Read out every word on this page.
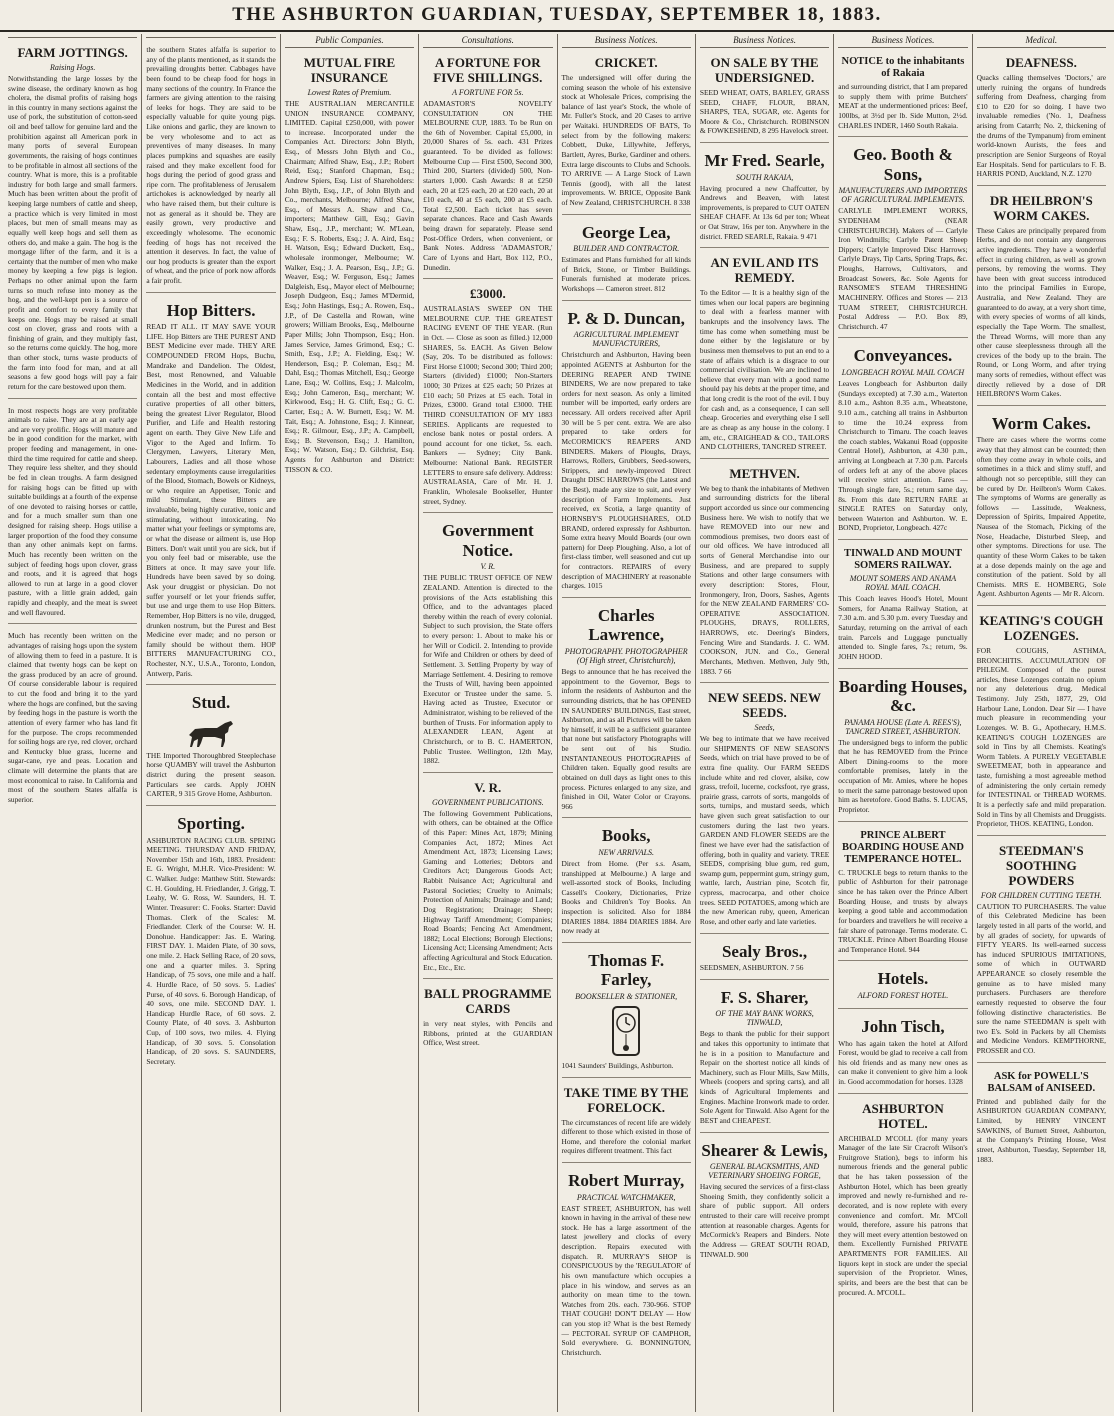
THE ASHBURTON GUARDIAN, TUESDAY, SEPTEMBER 18, 1883.
FARM JOTTINGS.
Raising Hogs.
Notwithstanding the large losses by the swine disease, the ordinary known as hog cholera, the dismal profits of raising hogs in this country in many sections against the use of pork, the substitution of cotton-seed oil and beef tallow for genuine lard and the prohibition against all American pork in many ports of several European governments, the raising of hogs continues to be profitable in almost all sections of the country. What is more, this is a profitable industry for both large and small farmers. Much has been written about the profit of keeping large numbers of cattle and sheep, a practice which is very limited in most places, but men of small means may as equally well keep hogs and sell them as others do, and make a gain. The hog is the mortgage lifter of the farm, and it is a certainty that the number of men who make money by keeping a few pigs is legion. Perhaps no other animal upon the farm turns so much refuse into money as the hog, and the well-kept pen is a source of profit and comfort to every family that keeps one. Hogs may be raised at small cost on clover, grass and roots with a finishing of grain, and they multiply fast, so the returns come quickly. The hog, more than other stock, turns waste products of the farm into food for man, and at all seasons a few good hogs will pay a fair return for the care bestowed upon them.
In most respects hogs are very profitable animals to raise. They are at an early age and are very prolific. Hogs will mature and be in good condition for the market, with proper feeding and management, in one-third the time required for cattle and sheep. They require less shelter, and they should be fed in clean troughs. A farm designed for raising hogs can be fitted up with suitable buildings at a fourth of the expense of one devoted to raising horses or cattle, and for a much smaller sum than one designed for raising sheep. Hogs utilise a larger proportion of the food they consume than any other animals kept on farms. Much has recently been written on the subject of feeding hogs upon clover, grass and roots, and it is agreed that hogs allowed to run at large in a good clover pasture, with a little grain added, gain rapidly and cheaply, and the meat is sweet and well flavoured.
Much has recently been written on the advantages of raising hogs upon the system of allowing them to feed in a pasture. It is claimed that twenty hogs can be kept on the grass produced by an acre of ground. Of course considerable labour is required to cut the food and bring it to the yard where the hogs are confined, but the saving by feeding hogs in the pasture is worth the attention of every farmer who has land fit for the purpose. The crops recommended for soiling hogs are rye, red clover, orchard and Kentucky blue grass, lucerne and sugar-cane, rye and peas. Location and climate will determine the plants that are most economical to raise. In California and most of the southern States alfalfa is superior.
the southern States alfalfa is superior to any of the plants mentioned, as it stands the prevailing droughts better. Cabbages have been found to be cheap food for hogs in many sections of the country. In France the farmers are giving attention to the raising of leeks for hogs. They are said to be especially valuable for quite young pigs. Like onions and garlic, they are known to be very wholesome and to act as preventives of many diseases. In many places pumpkins and squashes are easily raised and they make excellent food for hogs during the period of good grass and ripe corn. The profitableness of Jerusalem artichokes is acknowledged by nearly all who have raised them, but their culture is not as general as it should be. They are easily grown, very productive and exceedingly wholesome. The economic feeding of hogs has not received the attention it deserves. In fact, the value of our hog products is greater than the export of wheat, and the price of pork now affords a fair profit.
Hop Bitters.
READ IT ALL. IT MAY SAVE YOUR LIFE. Hop Bitters are THE PUREST AND BEST Medicine ever made. THEY ARE COMPOUNDED FROM Hops, Buchu, Mandrake and Dandelion. The Oldest, Best, most Renowned, and Valuable Medicines in the World, and in addition contain all the best and most effective curative properties of all other bitters, being the greatest Liver Regulator, Blood Purifier, and Life and Health restoring agent on earth. They Give New Life and Vigor to the Aged and Infirm. To Clergymen, Lawyers, Literary Men, Labourers, Ladies and all those whose sedentary employments cause irregularities of the Blood, Stomach, Bowels or Kidneys, or who require an Appetiser, Tonic and mild Stimulant, these Bitters are invaluable, being highly curative, tonic and stimulating, without intoxicating. No matter what your feelings or symptoms are, or what the disease or ailment is, use Hop Bitters. Don't wait until you are sick, but if you only feel bad or miserable, use the Bitters at once. It may save your life. Hundreds have been saved by so doing. Ask your druggist or physician. Do not suffer yourself or let your friends suffer, but use and urge them to use Hop Bitters. Remember, Hop Bitters is no vile, drugged, drunken nostrum, but the Purest and Best Medicine ever made; and no person or family should be without them. HOP BITTERS MANUFACTURING CO., Rochester, N.Y., U.S.A., Toronto, London, Antwerp, Paris.
Stud.
THE Imported Thoroughbred Steeplechase horse QUAMBY will travel the Ashburton district during the present season. Particulars see cards. Apply JOHN CARTER, 9 315 Grove Home, Ashburton.
Sporting.
ASHBURTON RACING CLUB. SPRING MEETING. THURSDAY AND FRIDAY, November 15th and 16th, 1883. President: E. G. Wright, M.H.R. Vice-President: W. C. Walker. Judge: Matthew Stitt. Stewards: C. H. Goulding, H. Friedlander, J. Grigg, T. Leahy, W. G. Ross, W. Saunders, H. T. Winter. Treasurer: C. Fooks. Starter: David Thomas. Clerk of the Scales: M. Friedlander. Clerk of the Course: W. H. Donohue. Handicapper: Jas. E. Waring. FIRST DAY. 1. Maiden Plate, of 30 sovs, one mile. 2. Hack Selling Race, of 20 sovs, one and a quarter miles. 3. Spring Handicap, of 75 sovs, one mile and a half. 4. Hurdle Race, of 50 sovs. 5. Ladies' Purse, of 40 sovs. 6. Borough Handicap, of 40 sovs, one mile. SECOND DAY. 1. Handicap Hurdle Race, of 60 sovs. 2. County Plate, of 40 sovs. 3. Ashburton Cup, of 100 sovs, two miles. 4. Flying Handicap, of 30 sovs. 5. Consolation Handicap, of 20 sovs. S. SAUNDERS, Secretary.
Public Companies.
MUTUAL FIRE INSURANCE
Lowest Rates of Premium.
THE AUSTRALIAN MERCANTILE UNION INSURANCE COMPANY, LIMITED. Capital £250,000, with power to increase. Incorporated under the Companies Act. Directors: John Blyth, Esq., of Messrs John Blyth and Co., Chairman; Alfred Shaw, Esq., J.P.; Robert Reid, Esq.; Stanford Chapman, Esq.; Andrew Spiers, Esq. List of Shareholders: John Blyth, Esq., J.P., of John Blyth and Co., merchants, Melbourne; Alfred Shaw, Esq., of Messrs A. Shaw and Co., importers; Matthew Gill, Esq.; Gavin Shaw, Esq., J.P., merchant; W. M'Lean, Esq.; F. S. Roberts, Esq.; J. A. Aird, Esq.; H. Watson, Esq.; Edward Duckett, Esq., wholesale ironmonger, Melbourne; W. Walker, Esq.; J. A. Pearson, Esq., J.P.; G. Weaver, Esq.; W. Ferguson, Esq.; James Dalgleish, Esq., Mayor elect of Melbourne; Joseph Dudgeon, Esq.; James M'Dermid, Esq.; John Hastings, Esq.; A. Rowen, Esq., J.P., of De Castella and Rowan, wine growers; William Brooks, Esq., Melbourne Paper Mills; John Thompson, Esq.; Hon. James Service, James Grimond, Esq.; C. Smith, Esq., J.P.; A. Fielding, Esq.; W. Henderson, Esq.; P. Coleman, Esq.; M. Dahl, Esq.; Thomas Mitchell, Esq.; George Lane, Esq.; W. Collins, Esq.; J. Malcolm, Esq.; John Cameron, Esq., merchant; W. Kirkwood, Esq.; H. G. Clift, Esq.; G. C. Carter, Esq.; A. W. Burnett, Esq.; W. M. Tait, Esq.; A. Johnstone, Esq.; J. Kinnear, Esq.; R. Gilmour, Esq., J.P.; A. Campbell, Esq.; B. Stevenson, Esq.; J. Hamilton, Esq.; W. Watson, Esq.; D. Gilchrist, Esq. Agents for Ashburton and District: TISSON & CO.
Consultations.
A FORTUNE FOR FIVE SHILLINGS.
A FORTUNE FOR 5s.
ADAMASTOR'S NOVELTY CONSULTATION ON THE MELBOURNE CUP, 1883. To be Run on the 6th of November. Capital £5,000, in 20,000 Shares of 5s. each. 431 Prizes guaranteed. To be divided as follows: Melbourne Cup — First £500, Second 300, Third 200, Starters (divided) 500, Non-starters 1,000. Cash Awards: 8 at £250 each, 20 at £25 each, 20 at £20 each, 20 at £10 each, 40 at £5 each, 200 at £5 each. Total £2,500. Each ticket has seven separate chances. Race and Cash Awards being drawn for separately. Please send Post-Office Orders, when convenient, or Bank Notes. Address 'ADAMASTOR,' Care of Lyons and Hart, Box 112, P.O., Dunedin.
£3000.
AUSTRALASIA'S SWEEP ON THE MELBOURNE CUP. THE GREATEST RACING EVENT OF THE YEAR. (Run in Oct. — Close as soon as filled.) 12,000 SHARES, 5s. EACH. As Given Below (Say, 20s. To be distributed as follows: First Horse £1000; Second 300; Third 200; Starters (divided) £1000; Non-Starters 1000; 30 Prizes at £25 each; 50 Prizes at £10 each; 50 Prizes at £5 each. Total in Prizes, £3000. Grand total £3000. THE THIRD CONSULTATION OF MY 1883 SERIES. Applicants are requested to enclose bank notes or postal orders. A pound account for one ticket, 5s. each. Bankers — Sydney; City Bank. Melbourne: National Bank. REGISTER LETTERS to ensure safe delivery. Address: AUSTRALASIA, Care of Mr. H. J. Franklin, Wholesale Bookseller, Hunter street, Sydney.
Government Notice.
V. R.
THE PUBLIC TRUST OFFICE OF NEW ZEALAND. Attention is directed to the provisions of the Acts establishing this Office, and to the advantages placed thereby within the reach of every colonial. Subject to such provision, the State offers to every person: 1. About to make his or her Will or Codicil. 2. Intending to provide for Wife and Children or others by deed of Settlement. 3. Settling Property by way of Marriage Settlement. 4. Desiring to remove the Trusts of Will, having been appointed Executor or Trustee under the same. 5. Having acted as Trustee, Executor or Administrator, wishing to be relieved of the burthen of Trusts. For information apply to ALEXANDER LEAN, Agent at Christchurch, or to B. C. HAMERTON, Public Trustee. Wellington, 12th May, 1882.
V. R.
GOVERNMENT PUBLICATIONS.
The following Government Publications, with others, can be obtained at the Office of this Paper: Mines Act, 1879; Mining Companies Act, 1872; Mines Act Amendment Act, 1873; Licensing Laws; Gaming and Lotteries; Debtors and Creditors Act; Dangerous Goods Act; Rabbit Nuisance Act; Agricultural and Pastoral Societies; Cruelty to Animals; Protection of Animals; Drainage and Land; Dog Registration; Drainage; Sheep; Highway Tariff Amendment; Companies; Road Boards; Fencing Act Amendment, 1882; Local Elections; Borough Elections; Licensing Act; Licensing Amendment; Acts affecting Agricultural and Stock Education. Etc., Etc., Etc.
BALL PROGRAMME CARDS
in very neat styles, with Pencils and Ribbons, printed at the GUARDIAN Office, West street.
Business Notices.
CRICKET.
The undersigned will offer during the coming season the whole of his extensive stock at Wholesale Prices, comprising the balance of last year's Stock, the whole of Mr. Fuller's Stock, and 20 Cases to arrive per Waitaki. HUNDREDS OF BATS, To select from by the following makers: Cobbett, Duke, Lillywhite, Jefferys, Bartlett, Ayres, Burke, Gardiner and others. Extra large discounts to Clubs and Schools. TO ARRIVE — A Large Stock of Lawn Tennis (good), with all the latest improvements. W. BRICE, Opposite Bank of New Zealand, CHRISTCHURCH. 8 338
George Lea,
BUILDER AND CONTRACTOR.
Estimates and Plans furnished for all kinds of Brick, Stone, or Timber Buildings. Funerals furnished at moderate prices. Workshops — Cameron street. 812
P. & D. Duncan,
AGRICULTURAL IMPLEMENT MANUFACTURERS,
Christchurch and Ashburton, Having been appointed AGENTS at Ashburton for the DEERING REAPER AND TWINE BINDERS, We are now prepared to take orders for next season. As only a limited number will be imported, early orders are necessary. All orders received after April 30 will be 5 per cent. extra. We are also prepared to take orders for McCORMICK'S REAPERS AND BINDERS. Makers of Ploughs, Drays, Harrows, Rollers, Grubbers, Seed-sowers, Strippers, and newly-improved Direct Draught DISC HARROWS (the Latest and the Best), made any size to suit, and every description of Farm Implements. Just received, ex Scotia, a large quantity of HORNSBY'S PLOUGHSHARES, OLD BRAND, ordered expressly for Ashburton. Some extra heavy Mould Boards (our own pattern) for Deep Ploughing. Also, a lot of first-class timber, well seasoned and cut up for contractors. REPAIRS of every description of MACHINERY at reasonable charges. 1015
Charles Lawrence,
PHOTOGRAPHY. PHOTOGRAPHER (Of High street, Christchurch),
Begs to announce that he has received the appointment to the Governor, Begs to inform the residents of Ashburton and the surrounding districts, that he has OPENED IN SAUNDERS' BUILDINGS, East street, Ashburton, and as all Pictures will be taken by himself, it will be a sufficient guarantee that none but satisfactory Photographs will be sent out of his Studio. INSTANTANEOUS PHOTOGRAPHS of Children taken. Equally good results are obtained on dull days as light ones to this process. Pictures enlarged to any size, and finished in Oil, Water Color or Crayons. 966
Books,
NEW ARRIVALS.
Direct from Home. (Per s.s. Asam, transhipped at Melbourne.) A large and well-assorted stock of Books, Including Cassell's Cookery, Dictionaries, Prize Books and Children's Toy Books. An inspection is solicited. Also for 1884 DIARIES 1884. 1884 DIARIES 1884. Are now ready at
Thomas F. Farley,
BOOKSELLER & STATIONER,
1041 Saunders' Buildings, Ashburton.
TAKE TIME BY THE FORELOCK.
The circumstances of recent life are widely different to those which existed in those of Home, and therefore the colonial market requires different treatment. This fact
Robert Murray,
PRACTICAL WATCHMAKER,
EAST STREET, ASHBURTON, has well known in having in the arrival of these new stock. He has a large assortment of the latest jewellery and clocks of every description. Repairs executed with dispatch. R. MURRAY'S SHOP is CONSPICUOUS by the 'REGULATOR' of his own manufacture which occupies a place in his window, and serves as an authority on mean time to the town. Watches from 20s. each. 730-966. STOP THAT COUGH! DON'T DELAY — How can you stop it? What is the best Remedy — PECTORAL SYRUP OF CAMPHOR, Sold everywhere. G. BONNINGTON, Christchurch.
Business Notices.
ON SALE BY THE UNDERSIGNED.
SEED WHEAT, OATS, BARLEY, GRASS SEED, CHAFF, FLOUR, BRAN, SHARPS, TEA, SUGAR, etc. Agents for Moore & Co., Christchurch. ROBINSON & FOWKESHEND, 8 295 Havelock street.
Mr Fred. Searle,
SOUTH RAKAIA,
Having procured a new Chaffcutter, by Andrews and Beaven, with latest improvements, is prepared to CUT OATEN SHEAF CHAFF. At 13s 6d per ton; Wheat or Oat Straw, 16s per ton. Anywhere in the district. FRED SEARLE, Rakaia. 9 471
AN EVIL AND ITS REMEDY.
To the Editor — It is a healthy sign of the times when our local papers are beginning to deal with a fearless manner with bankrupts and the insolvency laws. The time has come when something must be done either by the legislature or by business men themselves to put an end to a state of affairs which is a disgrace to our commercial civilisation. We are inclined to believe that every man with a good name should pay his debts at the proper time, and that long credit is the root of the evil. I buy for cash and, as a consequence, I can sell cheap. Groceries and everything else I sell are as cheap as any house in the colony. I am, etc., CRAIGHEAD & CO., TAILORS AND CLOTHIERS, TANCRED STREET.
METHVEN.
We beg to thank the inhabitants of Methven and surrounding districts for the liberal support accorded us since our commencing Business here. We wish to notify that we have REMOVED into our new and commodious premises, two doors east of our old offices. We have introduced all sorts of General Merchandise into our Business, and are prepared to supply Stations and other large consumers with every description: Stores, Flour, Ironmongery, Iron, Doors, Sashes, Agents for the NEW ZEALAND FARMERS' CO-OPERATIVE ASSOCIATION. PLOUGHS, DRAYS, ROLLERS, HARROWS, etc. Deering's Binders, Fencing Wire and Standards. J. C. WM. COOKSON, JUN. and Co., General Merchants, Methven. Methven, July 9th, 1883. 7 66
NEW SEEDS. NEW SEEDS.
Seeds,
We beg to intimate that we have received our SHIPMENTS OF NEW SEASON'S Seeds, which on trial have proved to be of extra fine quality. Our FARM SEEDS include white and red clover, alsike, cow grass, trefoil, lucerne, cocksfoot, rye grass, prairie grass, carrots of sorts, mangolds of sorts, turnips, and mustard seeds, which have given such great satisfaction to our customers during the last two years. GARDEN AND FLOWER SEEDS are the finest we have ever had the satisfaction of offering, both in quality and variety. TREE SEEDS, comprising blue gum, red gum, swamp gum, peppermint gum, stringy gum, wattle, larch, Austrian pine, Scotch fir, cypress, macrocarpa, and other choice trees. SEED POTATOES, among which are the new American ruby, queen, American Rose, and other early and late varieties.
Sealy Bros.,
SEEDSMEN, ASHBURTON. 7 56
F. S. Sharer,
OF THE MAY BANK WORKS, TINWALD,
Begs to thank the public for their support and takes this opportunity to intimate that he is in a position to Manufacture and Repair on the shortest notice all kinds of Machinery, such as Flour Mills, Saw Mills, Wheels (coopers and spring carts), and all kinds of Agricultural Implements and Engines. Machine Ironwork made to order. Sole Agent for Tinwald. Also Agent for the BEST and CHEAPEST.
Shearer & Lewis,
GENERAL BLACKSMITHS, AND VETERINARY SHOEING FORGE,
Having secured the services of a first-class Shoeing Smith, they confidently solicit a share of public support. All orders entrusted to their care will receive prompt attention at reasonable charges. Agents for McCormick's Reapers and Binders. Note the Address — GREAT SOUTH ROAD, TINWALD. 900
Business Notices.
NOTICE to the inhabitants of Rakaia
and surrounding district, that I am prepared to supply them with prime Butchers' MEAT at the undermentioned prices: Beef, 100lbs, at 3½d per lb. Side Mutton, 2½d. CHARLES INDER, 1460 South Rakaia.
Geo. Booth & Sons,
MANUFACTURERS AND IMPORTERS OF AGRICULTURAL IMPLEMENTS.
CARLYLE IMPLEMENT WORKS, SYDENHAM (NEAR CHRISTCHURCH). Makers of — Carlyle Iron Windmills; Carlyle Patent Sheep Dippers; Carlyle Improved Disc Harrows; Carlyle Drays, Tip Carts, Spring Traps, &c. Ploughs, Harrows, Cultivators, and Broadcast Sowers, &c. Sole Agents for RANSOME'S STEAM THRESHING MACHINERY. Offices and Stores — 213 TUAM STREET, CHRISTCHURCH. Postal Address — P.O. Box 89, Christchurch. 47
Conveyances.
LONGBEACH ROYAL MAIL COACH
Leaves Longbeach for Ashburton daily (Sundays excepted) at 7.30 a.m., Waterton 8.10 a.m., Ashton 8.35 a.m., Wheatstone, 9.10 a.m., catching all trains in Ashburton to time the 10.24 express from Christchurch to Timaru. The coach leaves the coach stables, Wakanui Road (opposite Central Hotel), Ashburton, at 4.30 p.m., arriving at Longbeach at 7.30 p.m. Parcels of orders left at any of the above places will receive strict attention. Fares — Through single fare, 5s.; return same day, 8s. From this date RETURN FARE at SINGLE RATES on Saturday only, between Waterton and Ashburton. W. E. BOND, Proprietor, Longbeach. 427c
TINWALD AND MOUNT SOMERS RAILWAY.
MOUNT SOMERS AND ANAMA ROYAL MAIL COACH.
This Coach leaves Hood's Hotel, Mount Somers, for Anama Railway Station, at 7.30 a.m. and 5.30 p.m. every Tuesday and Saturday, returning on the arrival of each train. Parcels and Luggage punctually attended to. Single fares, 7s.; return, 9s. JOHN HOOD.
Boarding Houses, &c.
PANAMA HOUSE (Late A. REES'S), TANCRED STREET, ASHBURTON.
The undersigned begs to inform the public that he has REMOVED from the Prince Albert Dining-rooms to the more comfortable premises, lately in the occupation of Mr. Amies, where he hopes to merit the same patronage bestowed upon him as heretofore. Good Baths. S. LUCAS, Proprietor.
PRINCE ALBERT BOARDING HOUSE AND TEMPERANCE HOTEL.
C. TRUCKLE begs to return thanks to the public of Ashburton for their patronage since he has taken over the Prince Albert Boarding House, and trusts by always keeping a good table and accommodation for boarders and travellers he will receive a fair share of patronage. Terms moderate. C. TRUCKLE. Prince Albert Boarding House and Temperance Hotel. 944
Hotels.
ALFORD FOREST HOTEL.
John Tisch,
Who has again taken the hotel at Alford Forest, would be glad to receive a call from his old friends and as many new ones as can make it convenient to give him a look in. Good accommodation for horses. 1328
ASHBURTON HOTEL.
ARCHIBALD M'COLL (for many years Manager of the late Sir Cracroft Wilson's Fruitgrove Station), begs to inform his numerous friends and the general public that he has taken possession of the Ashburton Hotel, which has been greatly improved and newly re-furnished and re-decorated, and is now replete with every convenience and comfort. Mr. M'Coll would, therefore, assure his patrons that they will meet every attention bestowed on them. Excellently Furnished PRIVATE APARTMENTS FOR FAMILIES. All liquors kept in stock are under the special supervision of the Proprietor. Wines, spirits, and beers are the best that can be procured. A. M'COLL.
Medical.
DEAFNESS.
Quacks calling themselves 'Doctors,' are utterly ruining the organs of hundreds suffering from Deafness, charging from £10 to £20 for so doing. I have two invaluable remedies ('No. 1, Deafness arising from Catarrh; No. 2, thickening of the drums of the Tympanum) from eminent world-known Aurists, the fees and prescription are Senior Surgeons of Royal Ear Hospitals. Send for particulars to F. B. HARRIS POND, Auckland, N.Z. 1270
DR HEILBRON'S WORM CAKES.
These Cakes are principally prepared from Herbs, and do not contain any dangerous active ingredients. They have a wonderful effect in curing children, as well as grown persons, by removing the worms. They have been with great success introduced into the principal Families in Europe, Australia, and New Zealand. They are guaranteed to do away, at a very short time, with every species of worms of all kinds, especially the Tape Worm. The smallest, the Thread Worms, will more than any other cause sleeplessness through all the crevices of the body up to the brain. The Round, or Long Worm, and after trying many sorts of remedies, without effect was directly relieved by a dose of DR HEILBRON'S Worm Cakes.
Worm Cakes.
There are cases where the worms come away that they almost can be counted; then often they come away in whole coils, and sometimes in a thick and slimy stuff, and although not so perceptible, still they can be cured by Dr. Heilbron's Worm Cakes. The symptoms of Worms are generally as follows — Lassitude, Weakness, Depression of Spirits, Impaired Appetite, Nausea of the Stomach, Picking of the Nose, Headache, Disturbed Sleep, and other symptoms. Directions for use. The quantity of these Worm Cakes to be taken at a dose depends mainly on the age and constitution of the patient. Sold by all Chemists. MRS E. HOMBERG, Sole Agent. Ashburton Agents — Mr R. Alcorn.
KEATING'S COUGH LOZENGES.
FOR COUGHS, ASTHMA, BRONCHITIS. ACCUMULATION OF PHLEGM. Composed of the purest articles, these Lozenges contain no opium nor any deleterious drug. Medical Testimony. July 25th, 1877, 29, Old Harbour Lane, London. Dear Sir — I have much pleasure in recommending your Lozenges. W. B. G., Apothecary, H.M.S. KEATING'S COUGH LOZENGES are sold in Tins by all Chemists. Keating's Worm Tablets. A PURELY VEGETABLE SWEETMEAT, both in appearance and taste, furnishing a most agreeable method of administering the only certain remedy for INTESTINAL or THREAD WORMS. It is a perfectly safe and mild preparation. Sold in Tins by all Chemists and Druggists. Proprietor, THOS. KEATING, London.
STEEDMAN'S SOOTHING POWDERS
FOR CHILDREN CUTTING TEETH.
CAUTION TO PURCHASERS. The value of this Celebrated Medicine has been largely tested in all parts of the world, and by all grades of society, for upwards of FIFTY YEARS. Its well-earned success has induced SPURIOUS IMITATIONS, some of which in OUTWARD APPEARANCE so closely resemble the genuine as to have misled many purchasers. Purchasers are therefore earnestly requested to observe the four following distinctive characteristics. Be sure the name STEEDMAN is spelt with two E's. Sold in Packets by all Chemists and Medicine Vendors. KEMPTHORNE, PROSSER and CO.
ASK for POWELL'S BALSAM of ANISEED.
Printed and published daily for the ASHBURTON GUARDIAN COMPANY, Limited, by HENRY VINCENT SAWKINS, of Burnett Street, Ashburton, at the Company's Printing House, West street, Ashburton, Tuesday, September 18, 1883.
